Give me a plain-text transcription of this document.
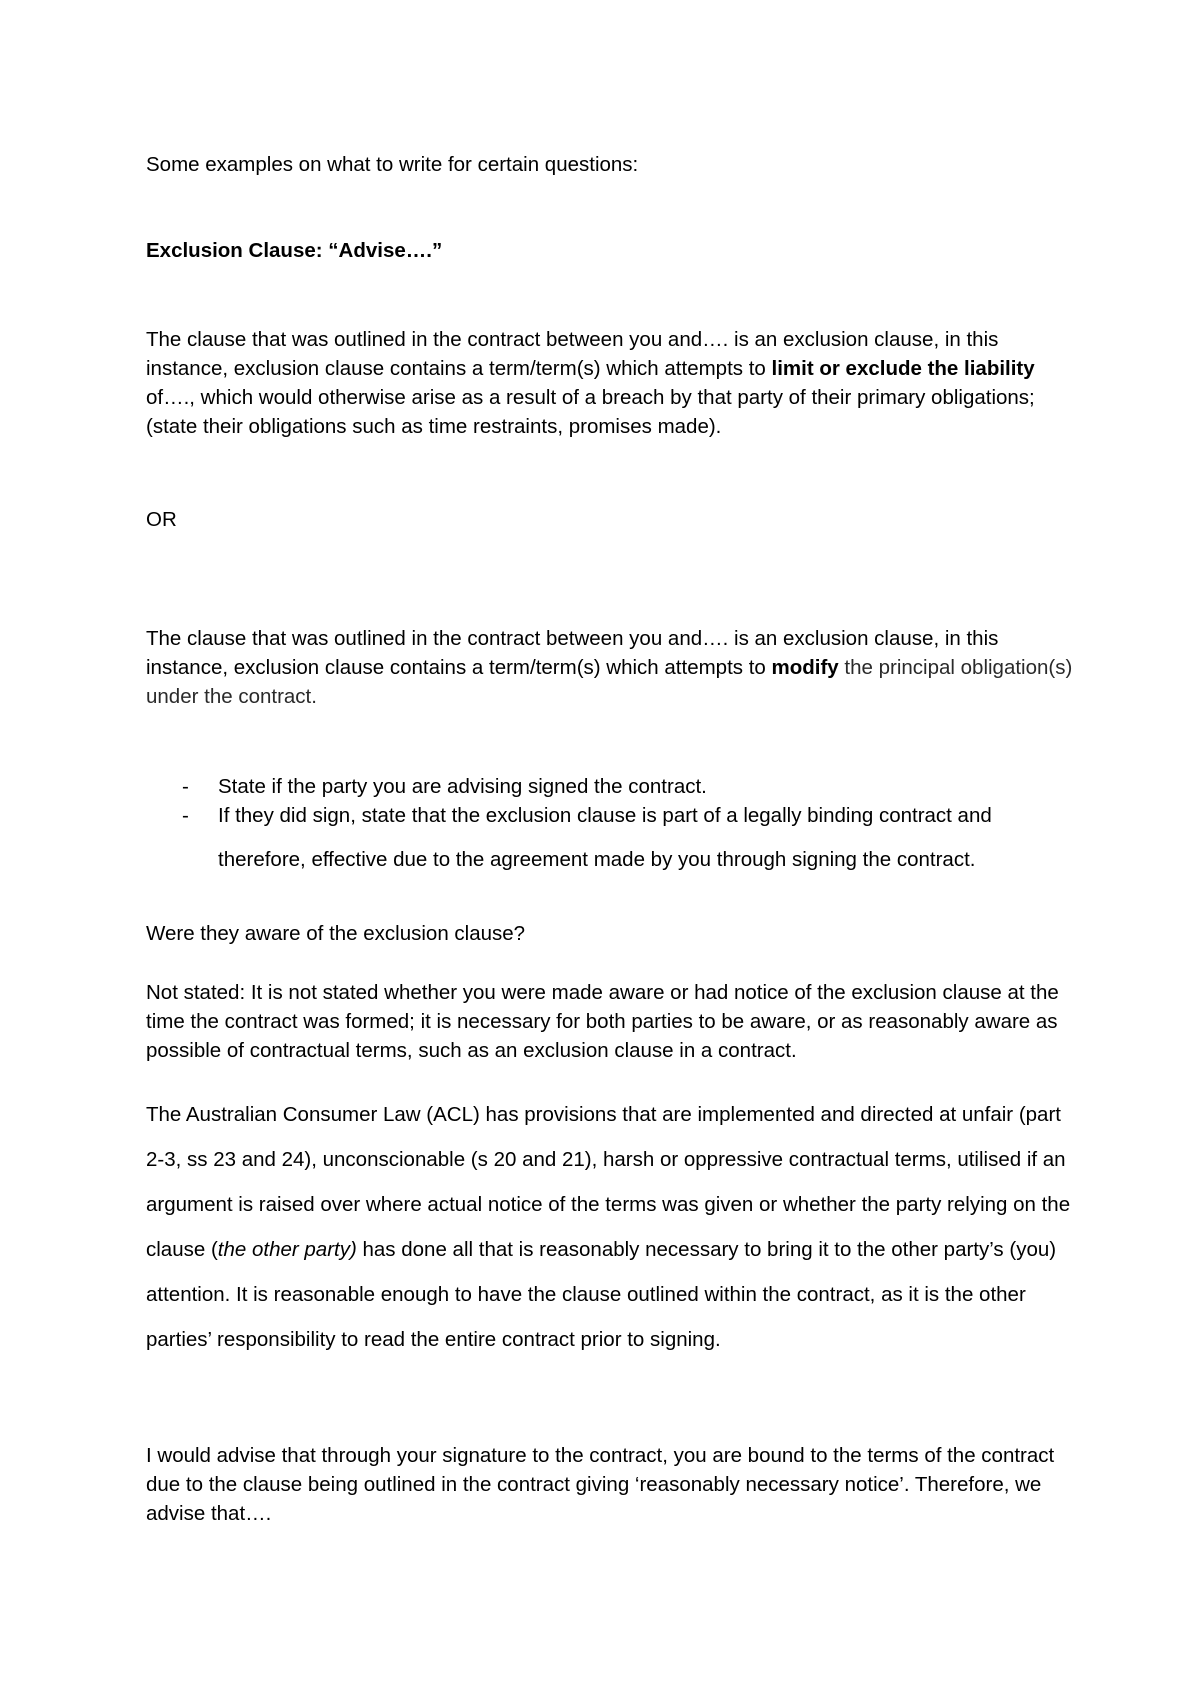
Some examples on what to write for certain questions:

Exclusion Clause: “Advise….”

The clause that was outlined in the contract between you and…. is an exclusion clause, in this instance, exclusion clause contains a term/term(s) which attempts to limit or exclude the liability of…., which would otherwise arise as a result of a breach by that party of their primary obligations; (state their obligations such as time restraints, promises made).

OR

The clause that was outlined in the contract between you and…. is an exclusion clause, in this instance, exclusion clause contains a term/term(s) which attempts to modify the principal obligation(s) under the contract.

- State if the party you are advising signed the contract.
- If they did sign, state that the exclusion clause is part of a legally binding contract and
therefore, effective due to the agreement made by you through signing the contract.

Were they aware of the exclusion clause?

Not stated: It is not stated whether you were made aware or had notice of the exclusion clause at the time the contract was formed; it is necessary for both parties to be aware, or as reasonably aware as possible of contractual terms, such as an exclusion clause in a contract.

The Australian Consumer Law (ACL) has provisions that are implemented and directed at unfair (part 2-3, ss 23 and 24), unconscionable (s 20 and 21), harsh or oppressive contractual terms, utilised if an argument is raised over where actual notice of the terms was given or whether the party relying on the clause (the other party) has done all that is reasonably necessary to bring it to the other party’s (you) attention. It is reasonable enough to have the clause outlined within the contract, as it is the other parties’ responsibility to read the entire contract prior to signing.

I would advise that through your signature to the contract, you are bound to the terms of the contract due to the clause being outlined in the contract giving ‘reasonably necessary notice’. Therefore, we advise that….
